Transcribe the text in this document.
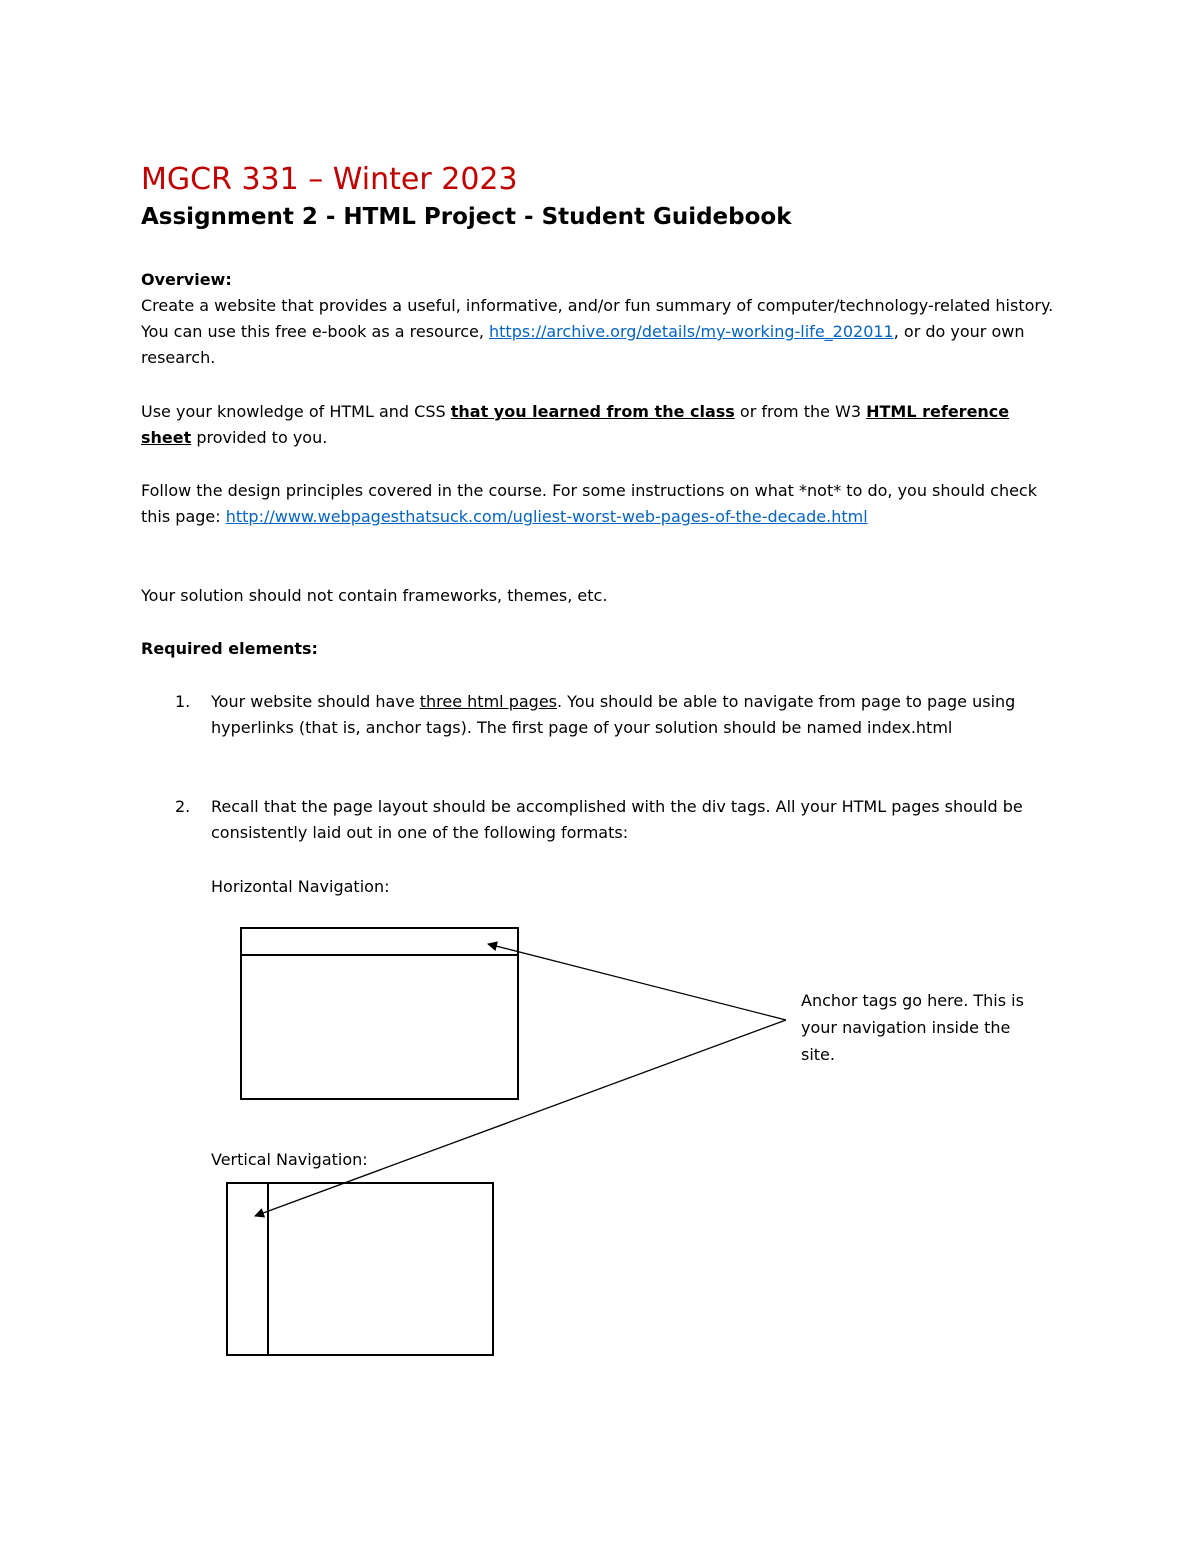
MGCR 331 – Winter 2023
Assignment 2 - HTML Project - Student Guidebook

Overview:
Create a website that provides a useful, informative, and/or fun summary of computer/technology-related history. You can use this free e-book as a resource, https://archive.org/details/my-working-life_202011, or do your own research.

Use your knowledge of HTML and CSS that you learned from the class or from the W3 HTML reference sheet provided to you.

Follow the design principles covered in the course. For some instructions on what *not* to do, you should check this page: http://www.webpagesthatsuck.com/ugliest-worst-web-pages-of-the-decade.html

Your solution should not contain frameworks, themes, etc.

Required elements:

1. Your website should have three html pages. You should be able to navigate from page to page using hyperlinks (that is, anchor tags). The first page of your solution should be named index.html
2. Recall that the page layout should be accomplished with the div tags. All your HTML pages should be consistently laid out in one of the following formats:
Horizontal Navigation:
Vertical Navigation:
Anchor tags go here. This is your navigation inside the site.
